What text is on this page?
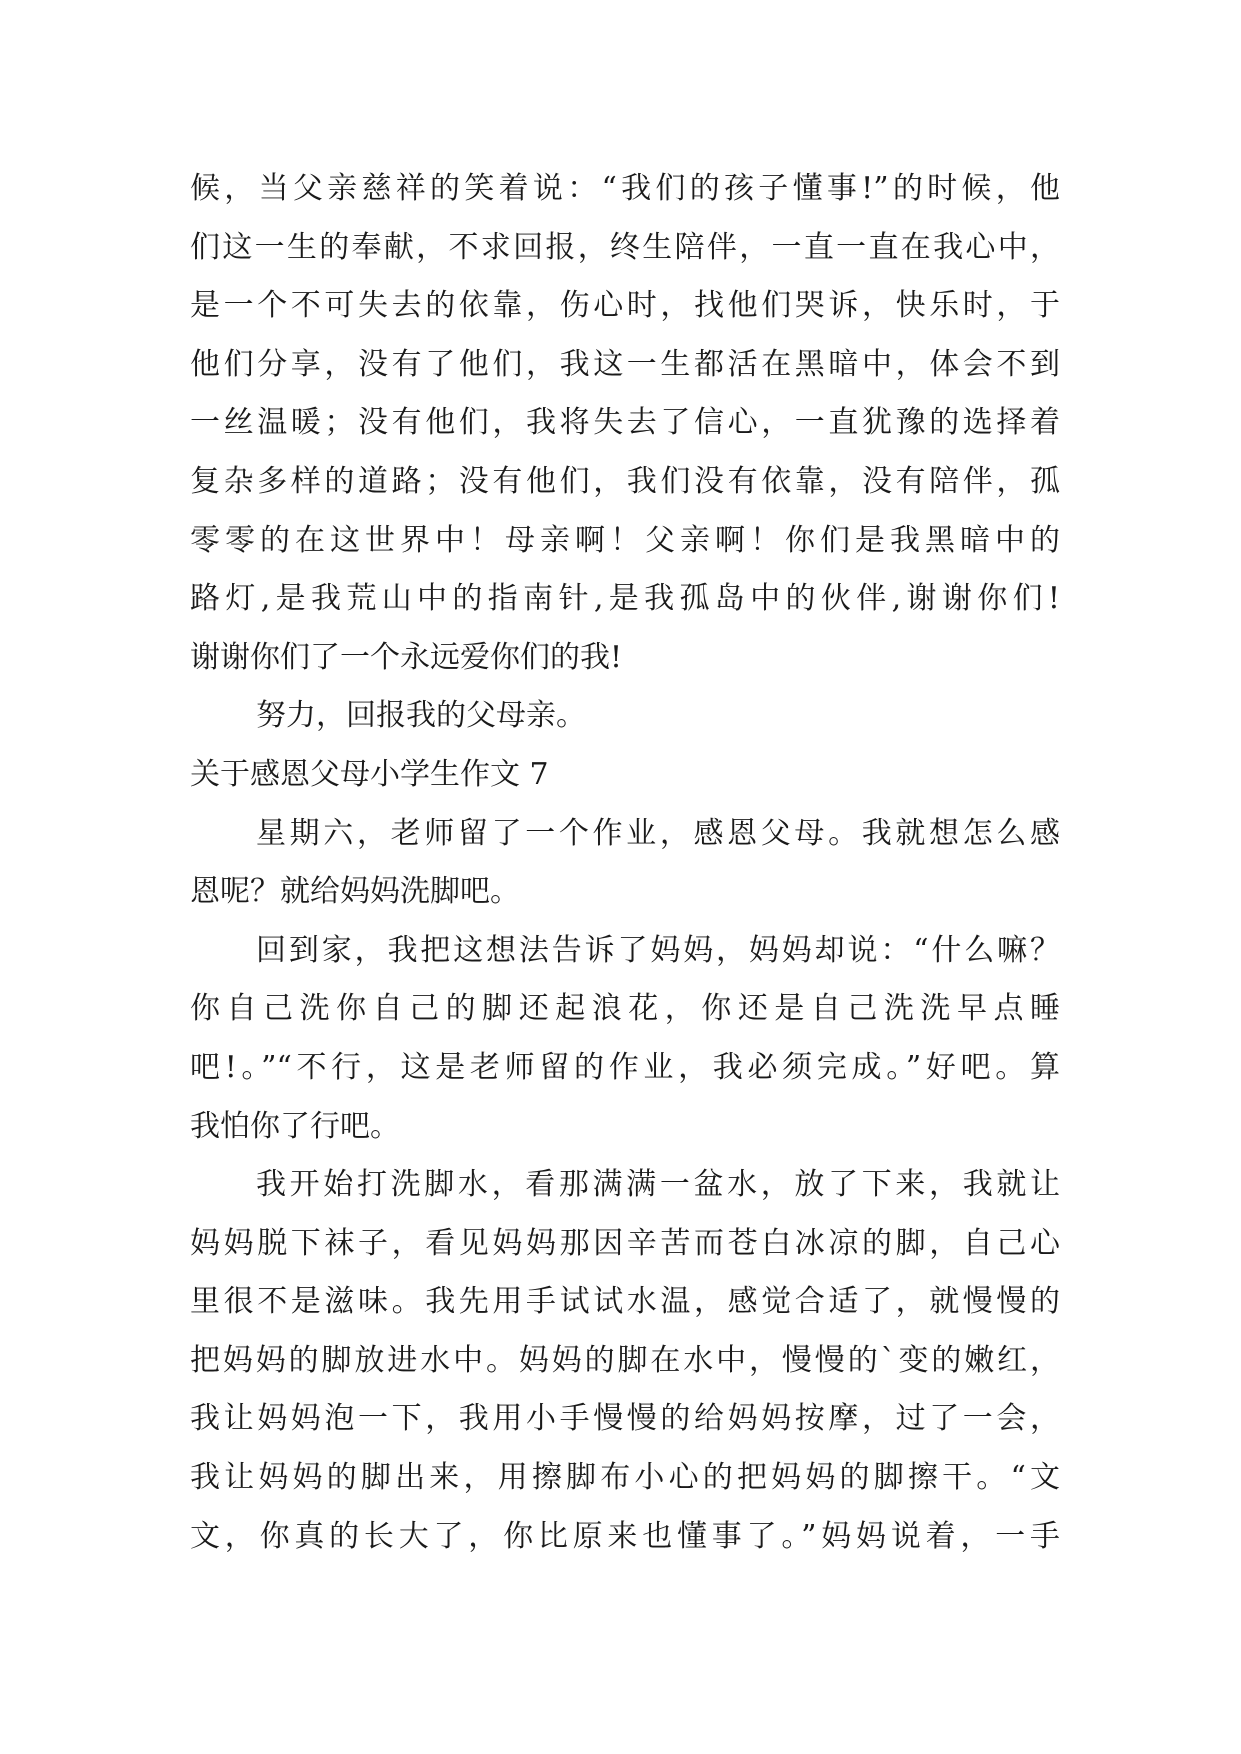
候，当父亲慈祥的笑着说：“我们的孩子懂事!”的时候，他
们这一生的奉献，不求回报，终生陪伴，一直一直在我心中，
是一个不可失去的依靠，伤心时，找他们哭诉，快乐时，于
他们分享，没有了他们，我这一生都活在黑暗中，体会不到
一丝温暖；没有他们，我将失去了信心，一直犹豫的选择着
复杂多样的道路；没有他们，我们没有依靠，没有陪伴，孤
零零的在这世界中！母亲啊！父亲啊！你们是我黑暗中的
路灯,是我荒山中的指南针,是我孤岛中的伙伴,谢谢你们!
谢谢你们了一个永远爱你们的我!
努力，回报我的父母亲。
关于感恩父母小学生作文 7
星期六，老师留了一个作业，感恩父母。我就想怎么感
恩呢？就给妈妈洗脚吧。
回到家，我把这想法告诉了妈妈，妈妈却说：“什么嘛？
你自己洗你自己的脚还起浪花，你还是自己洗洗早点睡
吧!。”“不行，这是老师留的作业，我必须完成。”好吧。算
我怕你了行吧。
我开始打洗脚水，看那满满一盆水，放了下来，我就让
妈妈脱下袜子，看见妈妈那因辛苦而苍白冰凉的脚，自己心
里很不是滋味。我先用手试试水温，感觉合适了，就慢慢的
把妈妈的脚放进水中。妈妈的脚在水中，慢慢的`变的嫩红，
我让妈妈泡一下，我用小手慢慢的给妈妈按摩，过了一会，
我让妈妈的脚出来，用擦脚布小心的把妈妈的脚擦干。“文
文，你真的长大了，你比原来也懂事了。”妈妈说着，一手
